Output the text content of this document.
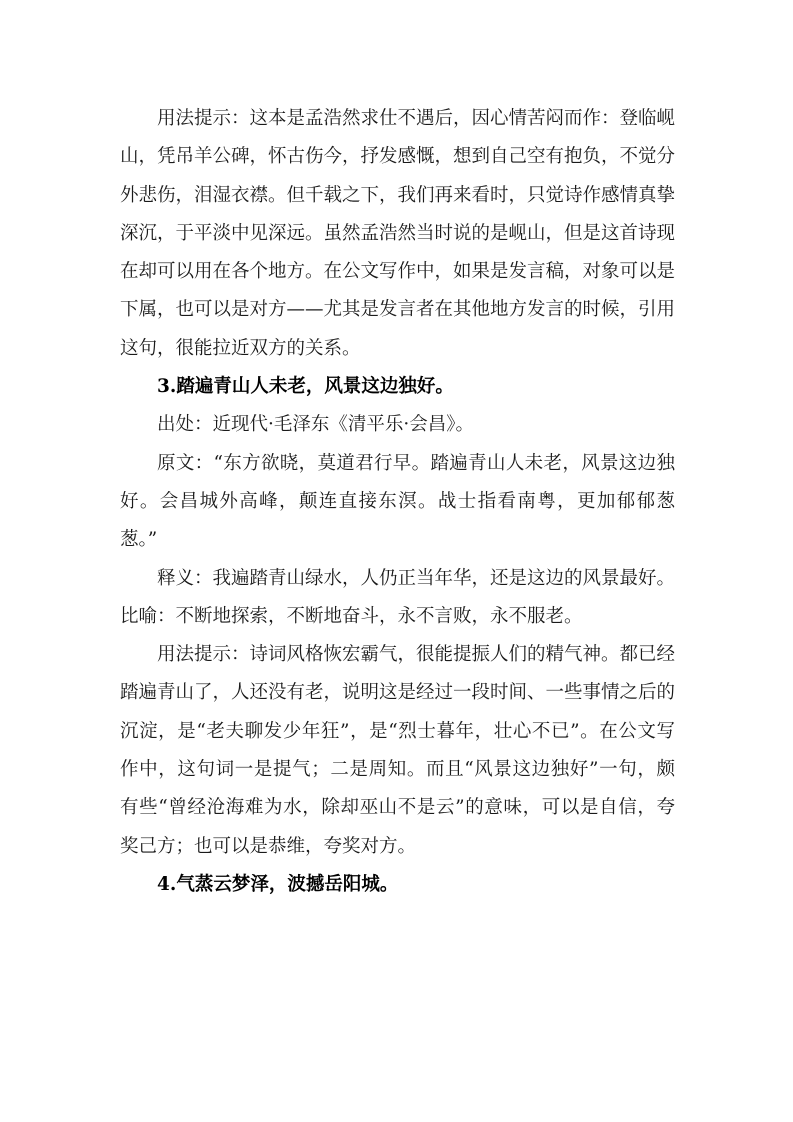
用法提示：这本是孟浩然求仕不遇后，因心情苦闷而作：登临岘山，凭吊羊公碑，怀古伤今，抒发感慨，想到自己空有抱负，不觉分外悲伤，泪湿衣襟。但千载之下，我们再来看时，只觉诗作感情真挚深沉，于平淡中见深远。虽然孟浩然当时说的是岘山，但是这首诗现在却可以用在各个地方。在公文写作中，如果是发言稿，对象可以是下属，也可以是对方——尤其是发言者在其他地方发言的时候，引用这句，很能拉近双方的关系。

3.踏遍青山人未老，风景这边独好。

出处：近现代·毛泽东《清平乐·会昌》。

原文：“东方欲晓，莫道君行早。踏遍青山人未老，风景这边独好。会昌城外高峰，颠连直接东溟。战士指看南粤，更加郁郁葱葱。”

释义：我遍踏青山绿水，人仍正当年华，还是这边的风景最好。比喻：不断地探索，不断地奋斗，永不言败，永不服老。

用法提示：诗词风格恢宏霸气，很能提振人们的精气神。都已经踏遍青山了，人还没有老，说明这是经过一段时间、一些事情之后的沉淀，是“老夫聊发少年狂”，是“烈士暮年，壮心不已”。在公文写作中，这句词一是提气；二是周知。而且“风景这边独好”一句，颇有些“曾经沧海难为水，除却巫山不是云”的意味，可以是自信，夸奖己方；也可以是恭维，夸奖对方。

4.气蒸云梦泽，波撼岳阳城。
